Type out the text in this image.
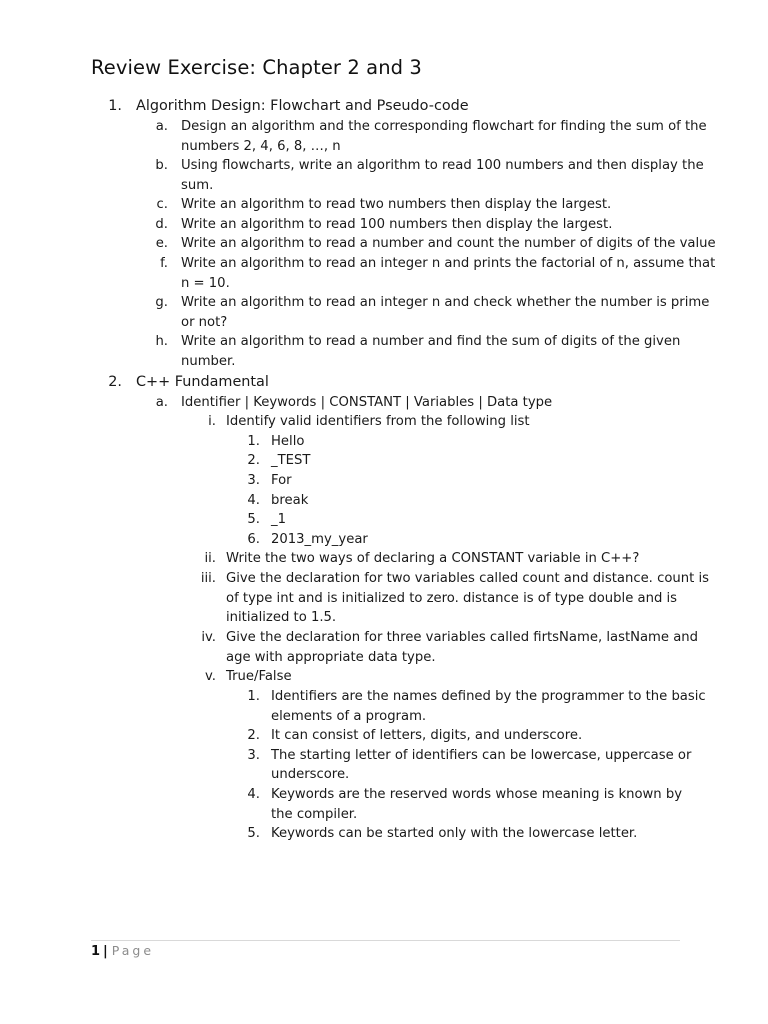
Review Exercise: Chapter 2 and 3
1. Algorithm Design: Flowchart and Pseudo-code
a. Design an algorithm and the corresponding flowchart for finding the sum of the
numbers 2, 4, 6, 8, …, n
b. Using flowcharts, write an algorithm to read 100 numbers and then display the
sum.
c. Write an algorithm to read two numbers then display the largest.
d. Write an algorithm to read 100 numbers then display the largest.
e. Write an algorithm to read a number and count the number of digits of the value
f. Write an algorithm to read an integer n and prints the factorial of n, assume that
n = 10.
g. Write an algorithm to read an integer n and check whether the number is prime
or not?
h. Write an algorithm to read a number and find the sum of digits of the given
number.
2. C++ Fundamental
a. Identifier | Keywords | CONSTANT | Variables | Data type
i. Identify valid identifiers from the following list
1. Hello
2. _TEST
3. For
4. break
5. _1
6. 2013_my_year
ii. Write the two ways of declaring a CONSTANT variable in C++?
iii. Give the declaration for two variables called count and distance. count is
of type int and is initialized to zero. distance is of type double and is
initialized to 1.5.
iv. Give the declaration for three variables called firtsName, lastName and
age with appropriate data type.
v. True/False
1. Identifiers are the names defined by the programmer to the basic
elements of a program.
2. It can consist of letters, digits, and underscore.
3. The starting letter of identifiers can be lowercase, uppercase or
underscore.
4. Keywords are the reserved words whose meaning is known by
the compiler.
5. Keywords can be started only with the lowercase letter.
1 | Page
